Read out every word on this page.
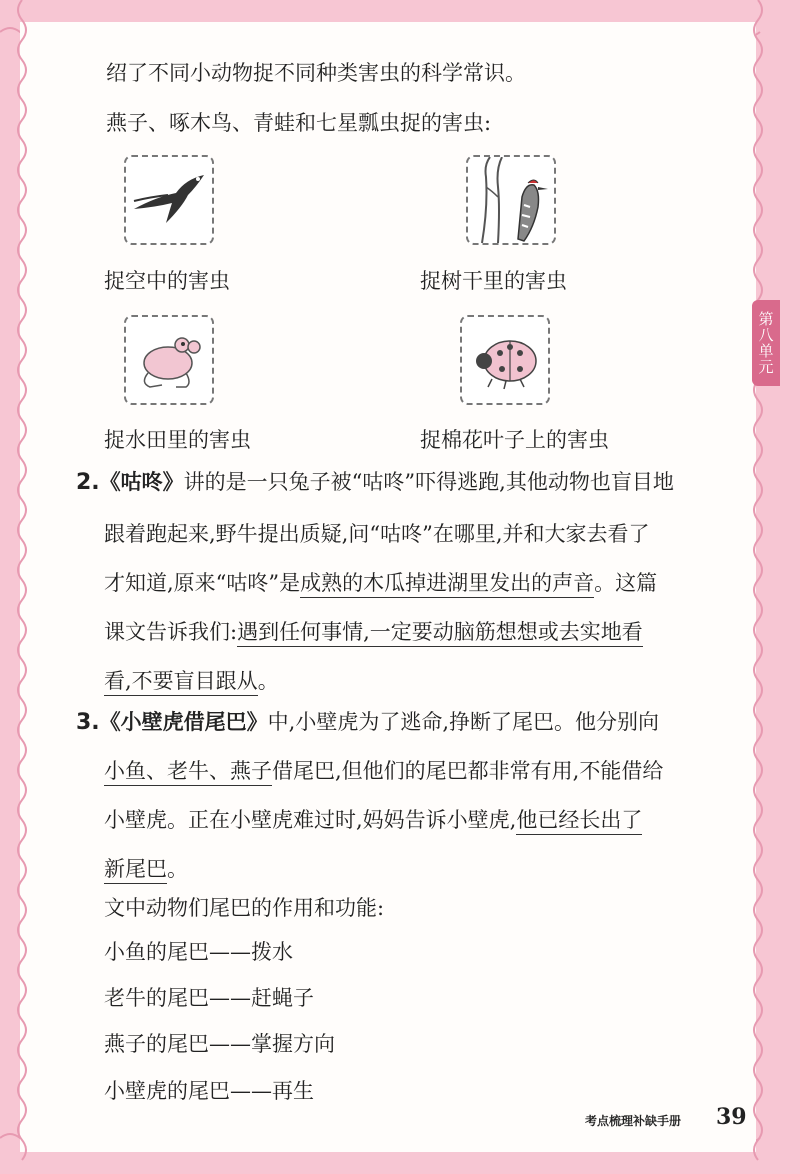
第八单元
绍了不同小动物捉不同种类害虫的科学常识。
燕子、啄木鸟、青蛙和七星瓢虫捉的害虫:
捉空中的害虫	捉树干里的害虫
捉水田里的害虫	捉棉花叶子上的害虫
2.《咕咚》讲的是一只兔子被“咕咚”吓得逃跑,其他动物也盲目地
跟着跑起来,野牛提出质疑,问“咕咚”在哪里,并和大家去看了
才知道,原来“咕咚”是成熟的木瓜掉进湖里发出的声音。这篇
课文告诉我们:遇到任何事情,一定要动脑筋想想或去实地看
看,不要盲目跟从。
3.《小壁虎借尾巴》中,小壁虎为了逃命,挣断了尾巴。他分别向
小鱼、老牛、燕子借尾巴,但他们的尾巴都非常有用,不能借给
小壁虎。正在小壁虎难过时,妈妈告诉小壁虎,他已经长出了
新尾巴。
文中动物们尾巴的作用和功能:
小鱼的尾巴——拨水
老牛的尾巴——赶蝇子
燕子的尾巴——掌握方向
小壁虎的尾巴——再生
考点梳理补缺手册 39
